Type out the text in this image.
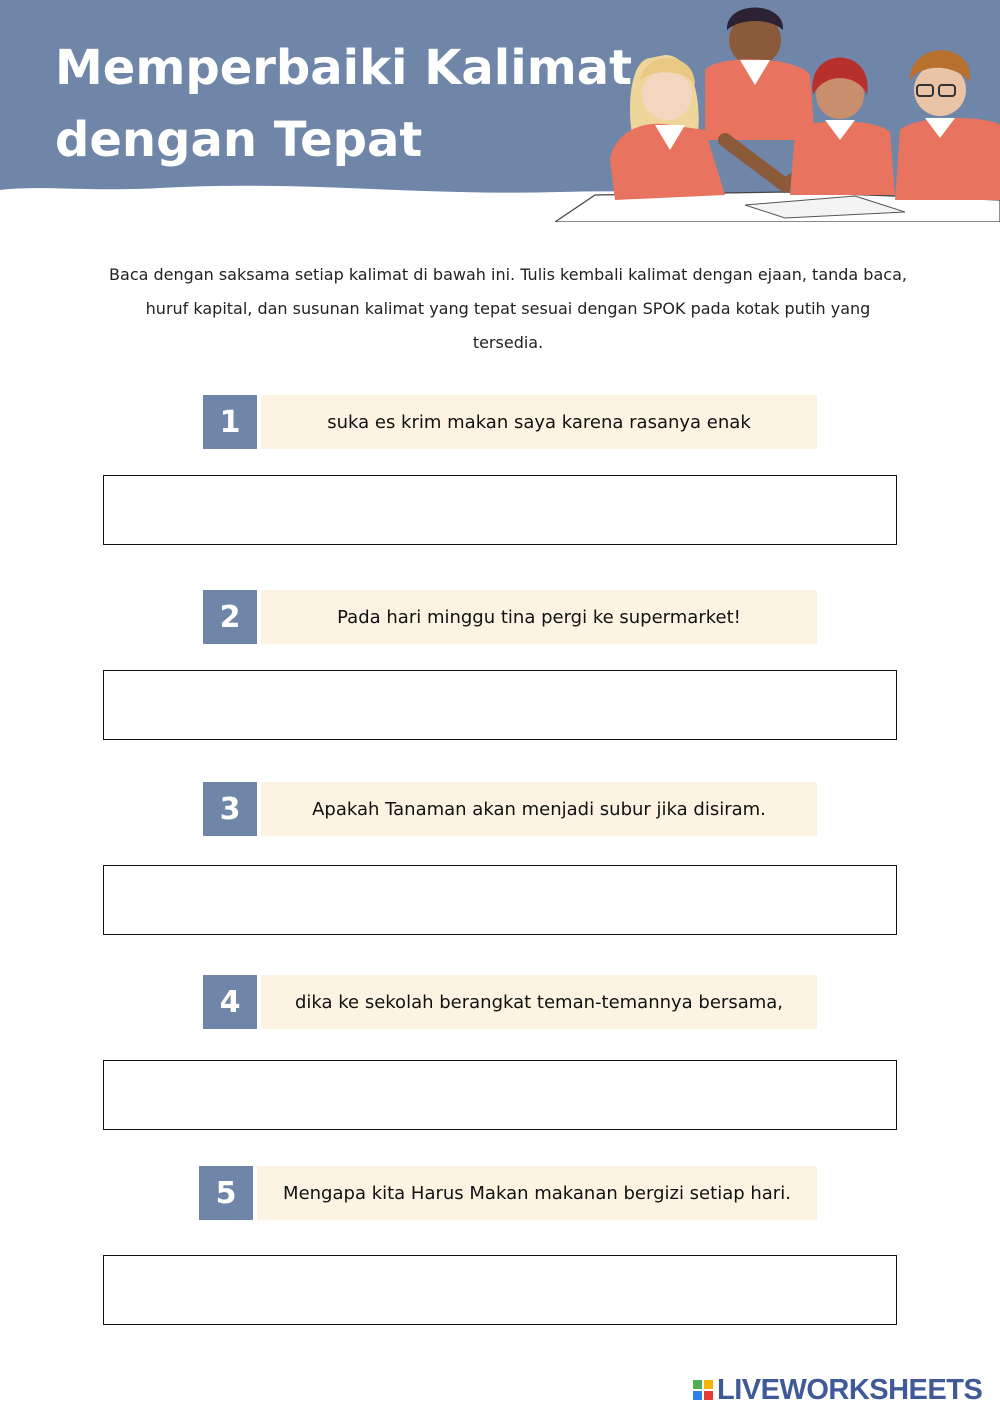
Memperbaiki Kalimat
dengan Tepat

Baca dengan saksama setiap kalimat di bawah ini. Tulis kembali kalimat dengan ejaan, tanda baca, huruf kapital, dan susunan kalimat yang tepat sesuai dengan SPOK pada kotak putih yang tersedia.

1	suka es krim makan saya karena rasanya enak
2	Pada hari minggu tina pergi ke supermarket!
3	Apakah Tanaman akan menjadi subur jika disiram.
4	dika ke sekolah berangkat teman-temannya bersama,
5	Mengapa kita Harus Makan makanan bergizi setiap hari.
LIVEWORKSHEETS
